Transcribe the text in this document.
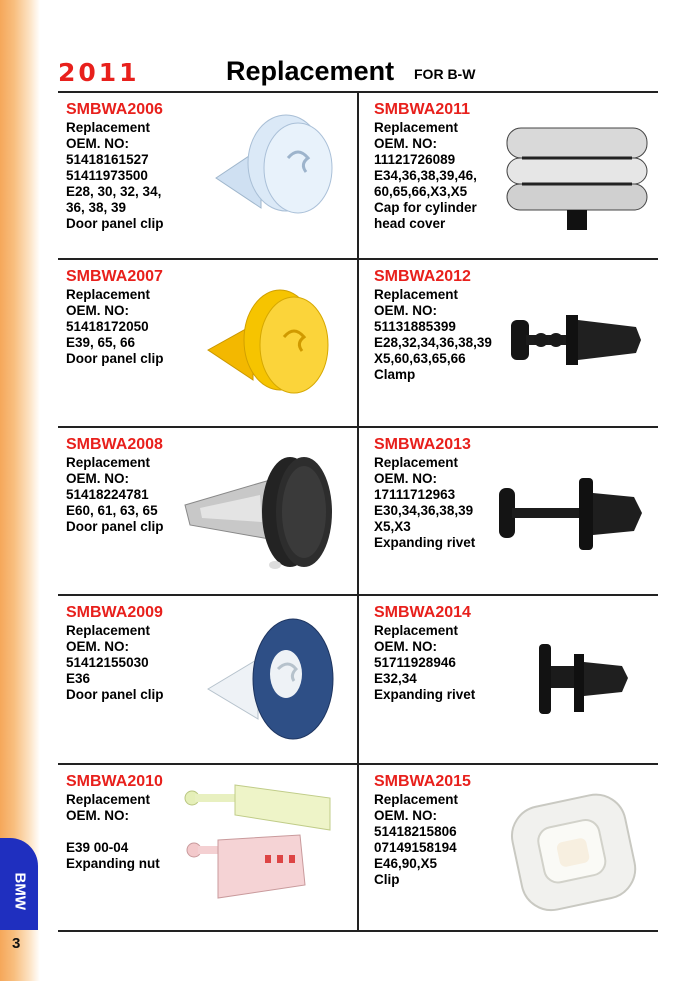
BMW
3
2011	Replacement FOR B-W
SMBWA2006
Replacement
OEM. NO:
51418161527
51411973500
E28, 30, 32, 34,
36, 38, 39
Door panel clip
SMBWA2011
Replacement
OEM. NO:
11121726089
E34,36,38,39,46,
60,65,66,X3,X5
Cap for cylinder
head cover
SMBWA2007
Replacement
OEM. NO:
51418172050
E39, 65, 66
Door panel clip
SMBWA2012
Replacement
OEM. NO:
51131885399
E28,32,34,36,38,39
X5,60,63,65,66
Clamp
SMBWA2008
Replacement
OEM. NO:
51418224781
E60, 61, 63, 65
Door panel clip
SMBWA2013
Replacement
OEM. NO:
17111712963
E30,34,36,38,39
X5,X3
Expanding rivet
SMBWA2009
Replacement
OEM. NO:
51412155030
E36
Door panel clip
SMBWA2014
Replacement
OEM. NO:
51711928946
E32,34
Expanding rivet
SMBWA2010
Replacement
OEM. NO:
E39 00-04
Expanding nut
SMBWA2015
Replacement
OEM. NO:
51418215806
07149158194
E46,90,X5
Clip
